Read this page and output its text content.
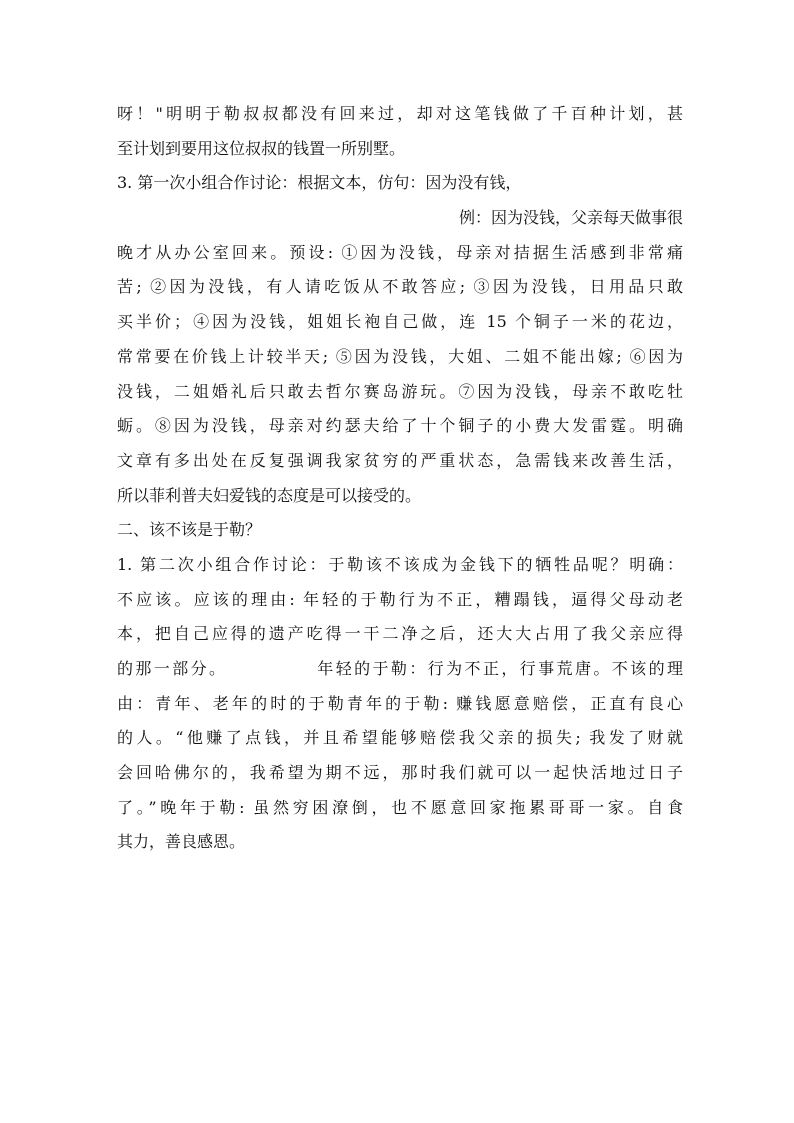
呀！"明明于勒叔叔都没有回来过，却对这笔钱做了千百种计划，甚
至计划到要用这位叔叔的钱置一所别墅。
3. 第一次小组合作讨论：根据文本，仿句：因为没有钱，
例：因为没钱，父亲每天做事很
晚才从办公室回来。预设: ①因为没钱，母亲对拮据生活感到非常痛
苦; ②因为没钱，有人请吃饭从不敢答应; ③因为没钱，日用品只敢
买半价；④因为没钱，姐姐长袍自己做，连 15 个铜子一米的花边，
常常要在价钱上计较半天; ⑤因为没钱，大姐、二姐不能出嫁; ⑥因为
没钱，二姐婚礼后只敢去哲尔赛岛游玩。⑦因为没钱，母亲不敢吃牡
蛎。⑧因为没钱，母亲对约瑟夫给了十个铜子的小费大发雷霆。明确
文章有多出处在反复强调我家贫穷的严重状态，急需钱来改善生活，
所以菲利普夫妇爱钱的态度是可以接受的。
二、该不该是于勒？
1. 第二次小组合作讨论：于勒该不该成为金钱下的牺牲品呢？明确：
不应该。应该的理由: 年轻的于勒行为不正，糟蹋钱，逼得父母动老
本，把自己应得的遗产吃得一干二净之后，还大大占用了我父亲应得
的那一部分。            年轻的于勒：行为不正，行事荒唐。不该的理
由：青年、老年的时的于勒青年的于勒: 赚钱愿意赔偿，正直有良心
的人。“他赚了点钱，并且希望能够赔偿我父亲的损失; 我发了财就
会回哈佛尔的，我希望为期不远，那时我们就可以一起快活地过日子
了。”晚年于勒: 虽然穷困潦倒，也不愿意回家拖累哥哥一家。自食
其力，善良感恩。
